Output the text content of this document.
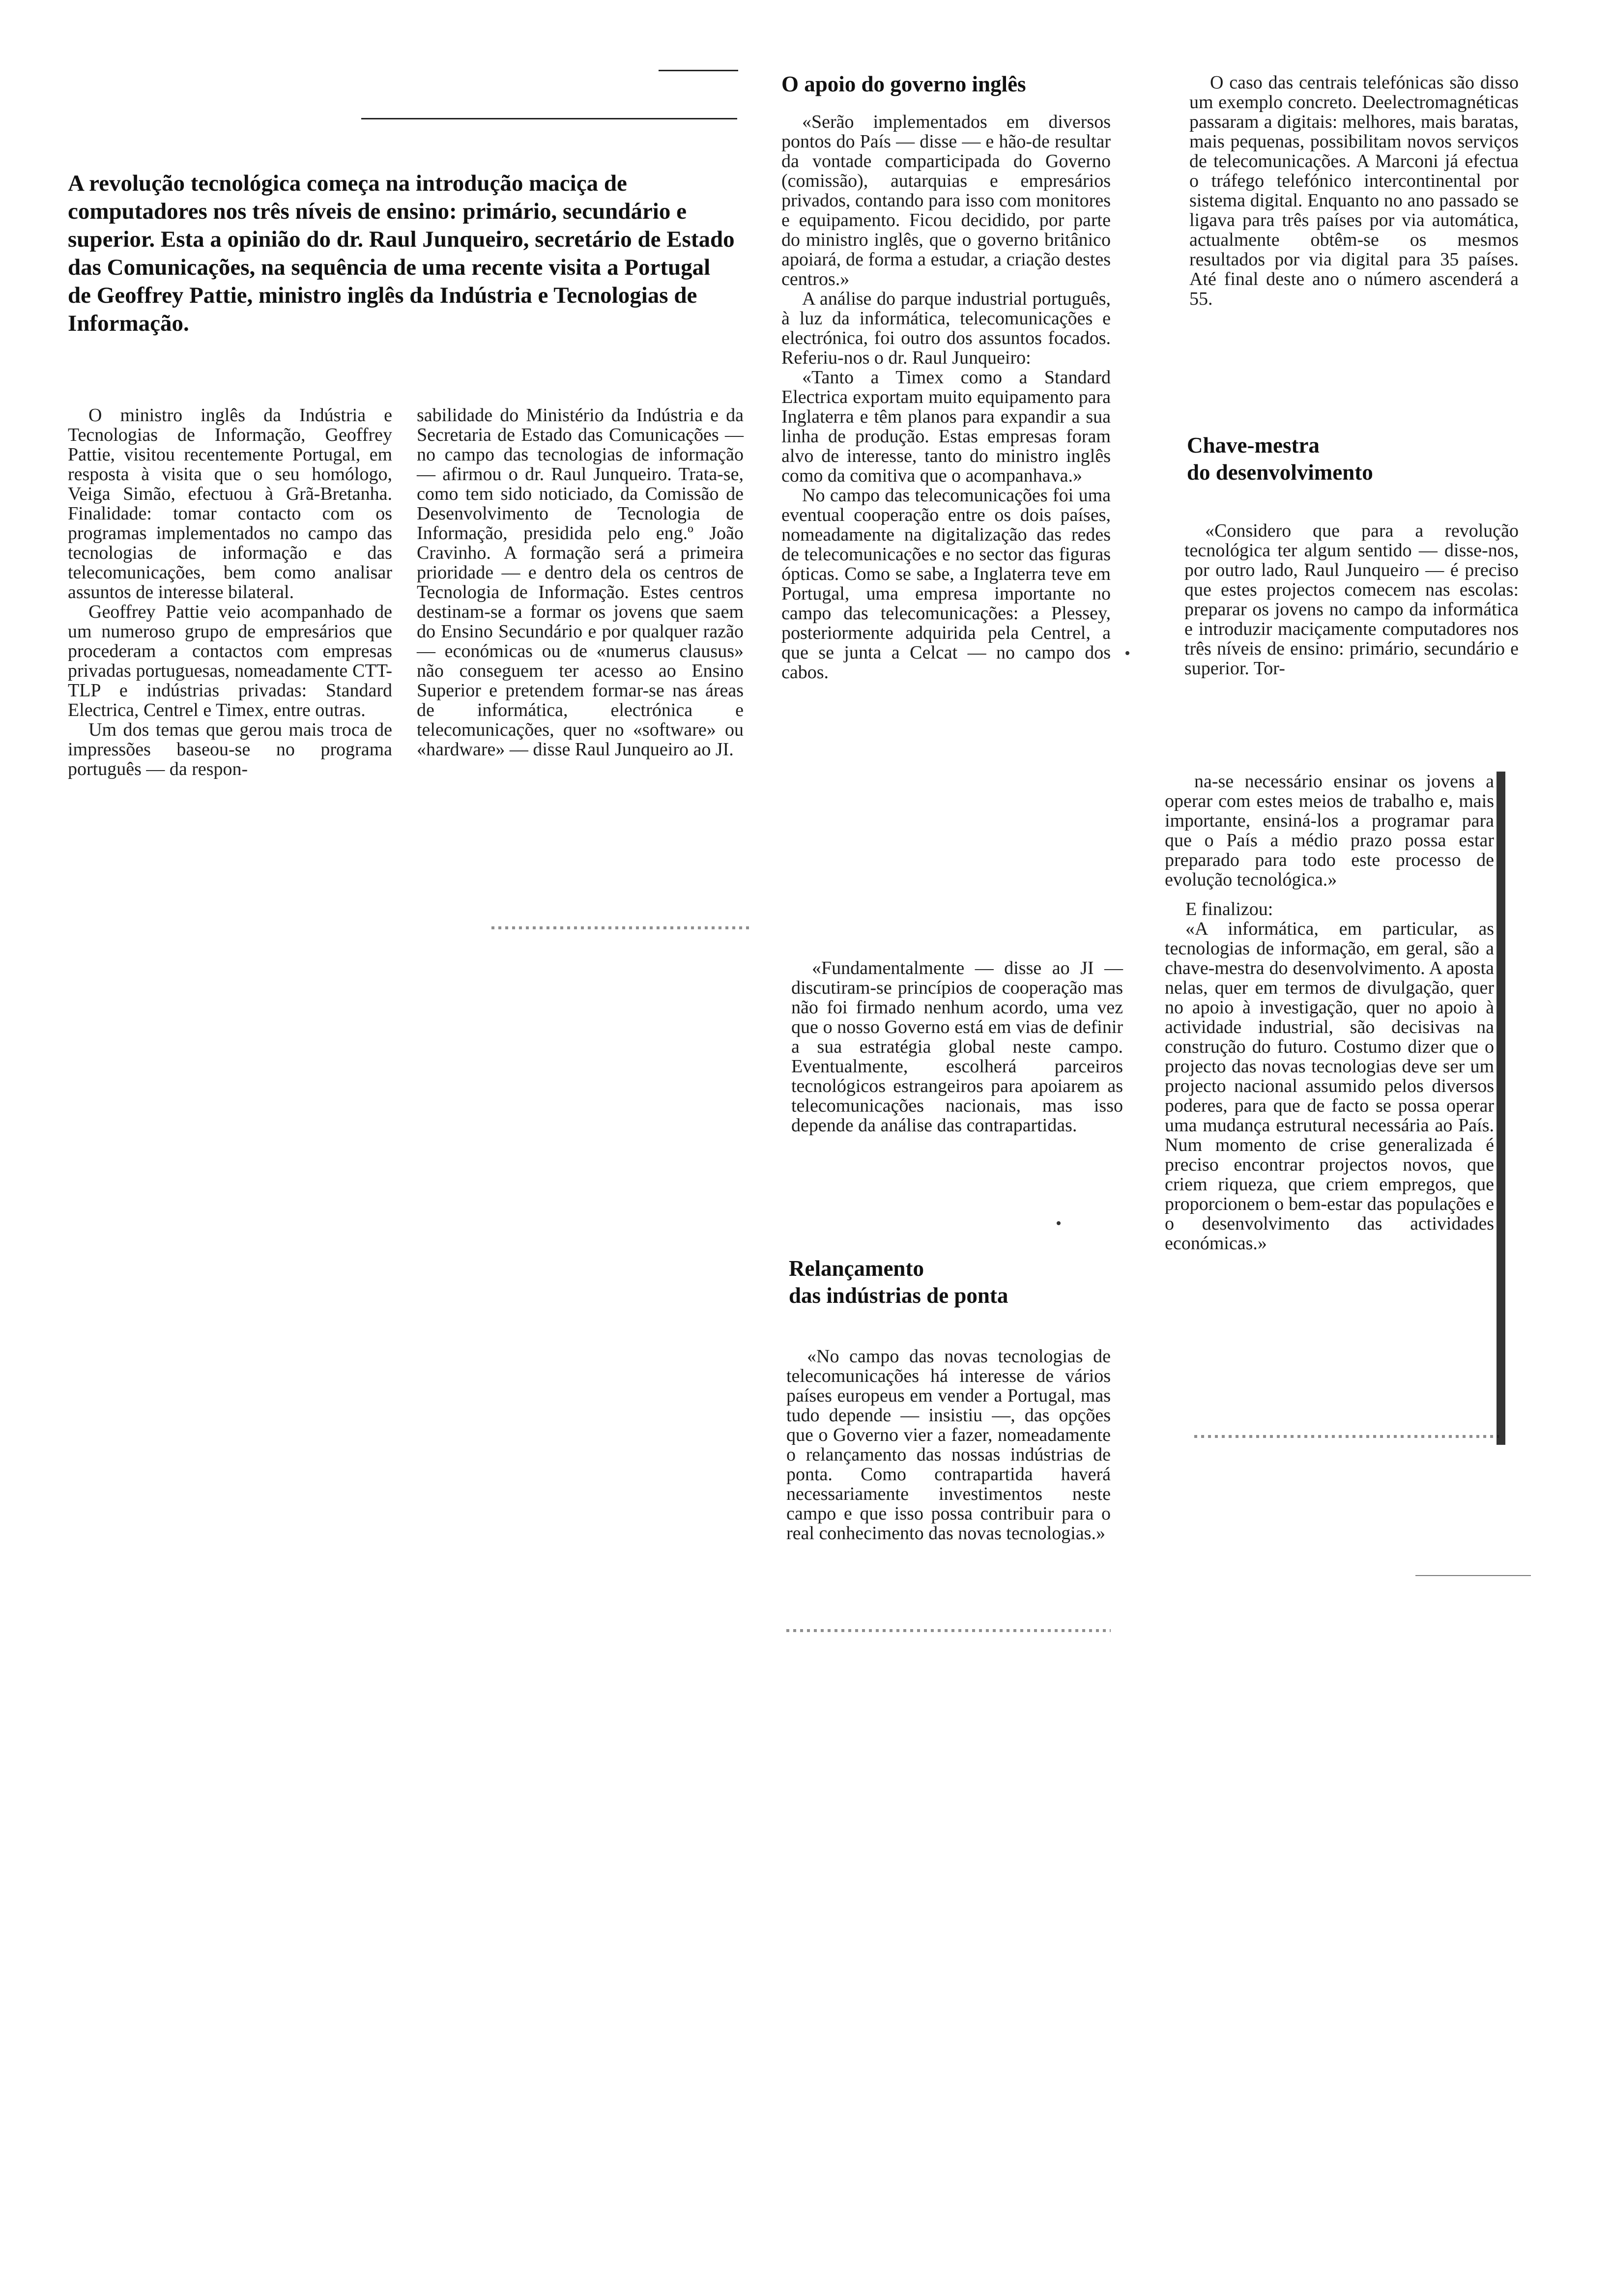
A revolução tecnológica começa na introdução maciça de computadores nos três níveis de ensino: primário, secundário e superior. Esta a opinião do dr. Raul Junqueiro, secretário de Estado das Comunicações, na sequência de uma recente visita a Portugal de Geoffrey Pattie, ministro inglês da Indústria e Tecnologias de Informação.

O ministro inglês da Indústria e Tecnologias de Informação, Geoffrey Pattie, visitou recentemente Portugal, em resposta à visita que o seu homólogo, Veiga Simão, efectuou à Grã-Bretanha. Finalidade: tomar contacto com os programas implementados no campo das tecnologias de informação e das telecomunicações, bem como analisar assuntos de interesse bilateral.

Geoffrey Pattie veio acompanhado de um numeroso grupo de empresários que procederam a contactos com empresas privadas portuguesas, nomeadamente CTT-TLP e indústrias privadas: Standard Electrica, Centrel e Timex, entre outras.

Um dos temas que gerou mais troca de impressões baseou-se no programa português — da respon-

sabilidade do Ministério da Indústria e da Secretaria de Estado das Comunicações — no campo das tecnologias de informação — afirmou o dr. Raul Junqueiro. Trata-se, como tem sido noticiado, da Comissão de Desenvolvimento de Tecnologia de Informação, presidida pelo eng.º João Cravinho. A formação será a primeira prioridade — e dentro dela os centros de Tecnologia de Informação. Estes centros destinam-se a formar os jovens que saem do Ensino Secundário e por qualquer razão — económicas ou de «numerus clausus» não conseguem ter acesso ao Ensino Superior e pretendem formar-se nas áreas de informática, electrónica e telecomunicações, quer no «software» ou «hardware» — disse Raul Junqueiro ao JI.

O apoio do governo inglês

«Serão implementados em diversos pontos do País — disse — e hão-de resultar da vontade comparticipada do Governo (comissão), autarquias e empresários privados, contando para isso com monitores e equipamento. Ficou decidido, por parte do ministro inglês, que o governo britânico apoiará, de forma a estudar, a criação destes centros.»

A análise do parque industrial português, à luz da informática, telecomunicações e electrónica, foi outro dos assuntos focados. Referiu-nos o dr. Raul Junqueiro:

«Tanto a Timex como a Standard Electrica exportam muito equipamento para Inglaterra e têm planos para expandir a sua linha de produção. Estas empresas foram alvo de interesse, tanto do ministro inglês como da comitiva que o acompanhava.»

No campo das telecomunicações foi uma eventual cooperação entre os dois países, nomeadamente na digitalização das redes de telecomunicações e no sector das figuras ópticas. Como se sabe, a Inglaterra teve em Portugal, uma empresa importante no campo das telecomunicações: a Plessey, posteriormente adquirida pela Centrel, a que se junta a Celcat — no campo dos cabos.

«Fundamentalmente — disse ao JI — discutiram-se princípios de cooperação mas não foi firmado nenhum acordo, uma vez que o nosso Governo está em vias de definir a sua estratégia global neste campo. Eventualmente, escolherá parceiros tecnológicos estrangeiros para apoiarem as telecomunicações nacionais, mas isso depende da análise das contrapartidas.

Relançamento
das indústrias de ponta

«No campo das novas tecnologias de telecomunicações há interesse de vários países europeus em vender a Portugal, mas tudo depende — insistiu —, das opções que o Governo vier a fazer, nomeadamente o relançamento das nossas indústrias de ponta. Como contrapartida haverá necessariamente investimentos neste campo e que isso possa contribuir para o real conhecimento das novas tecnologias.»

O caso das centrais telefónicas são disso um exemplo concreto. Deelectromagnéticas passaram a digitais: melhores, mais baratas, mais pequenas, possibilitam novos serviços de telecomunicações. A Marconi já efectua o tráfego telefónico intercontinental por sistema digital. Enquanto no ano passado se ligava para três países por via automática, actualmente obtêm-se os mesmos resultados por via digital para 35 países. Até final deste ano o número ascenderá a 55.

Chave-mestra
do desenvolvimento

«Considero que para a revolução tecnológica ter algum sentido — disse-nos, por outro lado, Raul Junqueiro — é preciso que estes projectos comecem nas escolas: preparar os jovens no campo da informática e introduzir maciçamente computadores nos três níveis de ensino: primário, secundário e superior. Tor-

na-se necessário ensinar os jovens a operar com estes meios de trabalho e, mais importante, ensiná-los a programar para que o País a médio prazo possa estar preparado para todo este processo de evolução tecnológica.»

E finalizou:

«A informática, em particular, as tecnologias de informação, em geral, são a chave-mestra do desenvolvimento. A aposta nelas, quer em termos de divulgação, quer no apoio à investigação, quer no apoio à actividade industrial, são decisivas na construção do futuro. Costumo dizer que o projecto das novas tecnologias deve ser um projecto nacional assumido pelos diversos poderes, para que de facto se possa operar uma mudança estrutural necessária ao País. Num momento de crise generalizada é preciso encontrar projectos novos, que criem riqueza, que criem empregos, que proporcionem o bem-estar das populações e o desenvolvimento das actividades económicas.»
